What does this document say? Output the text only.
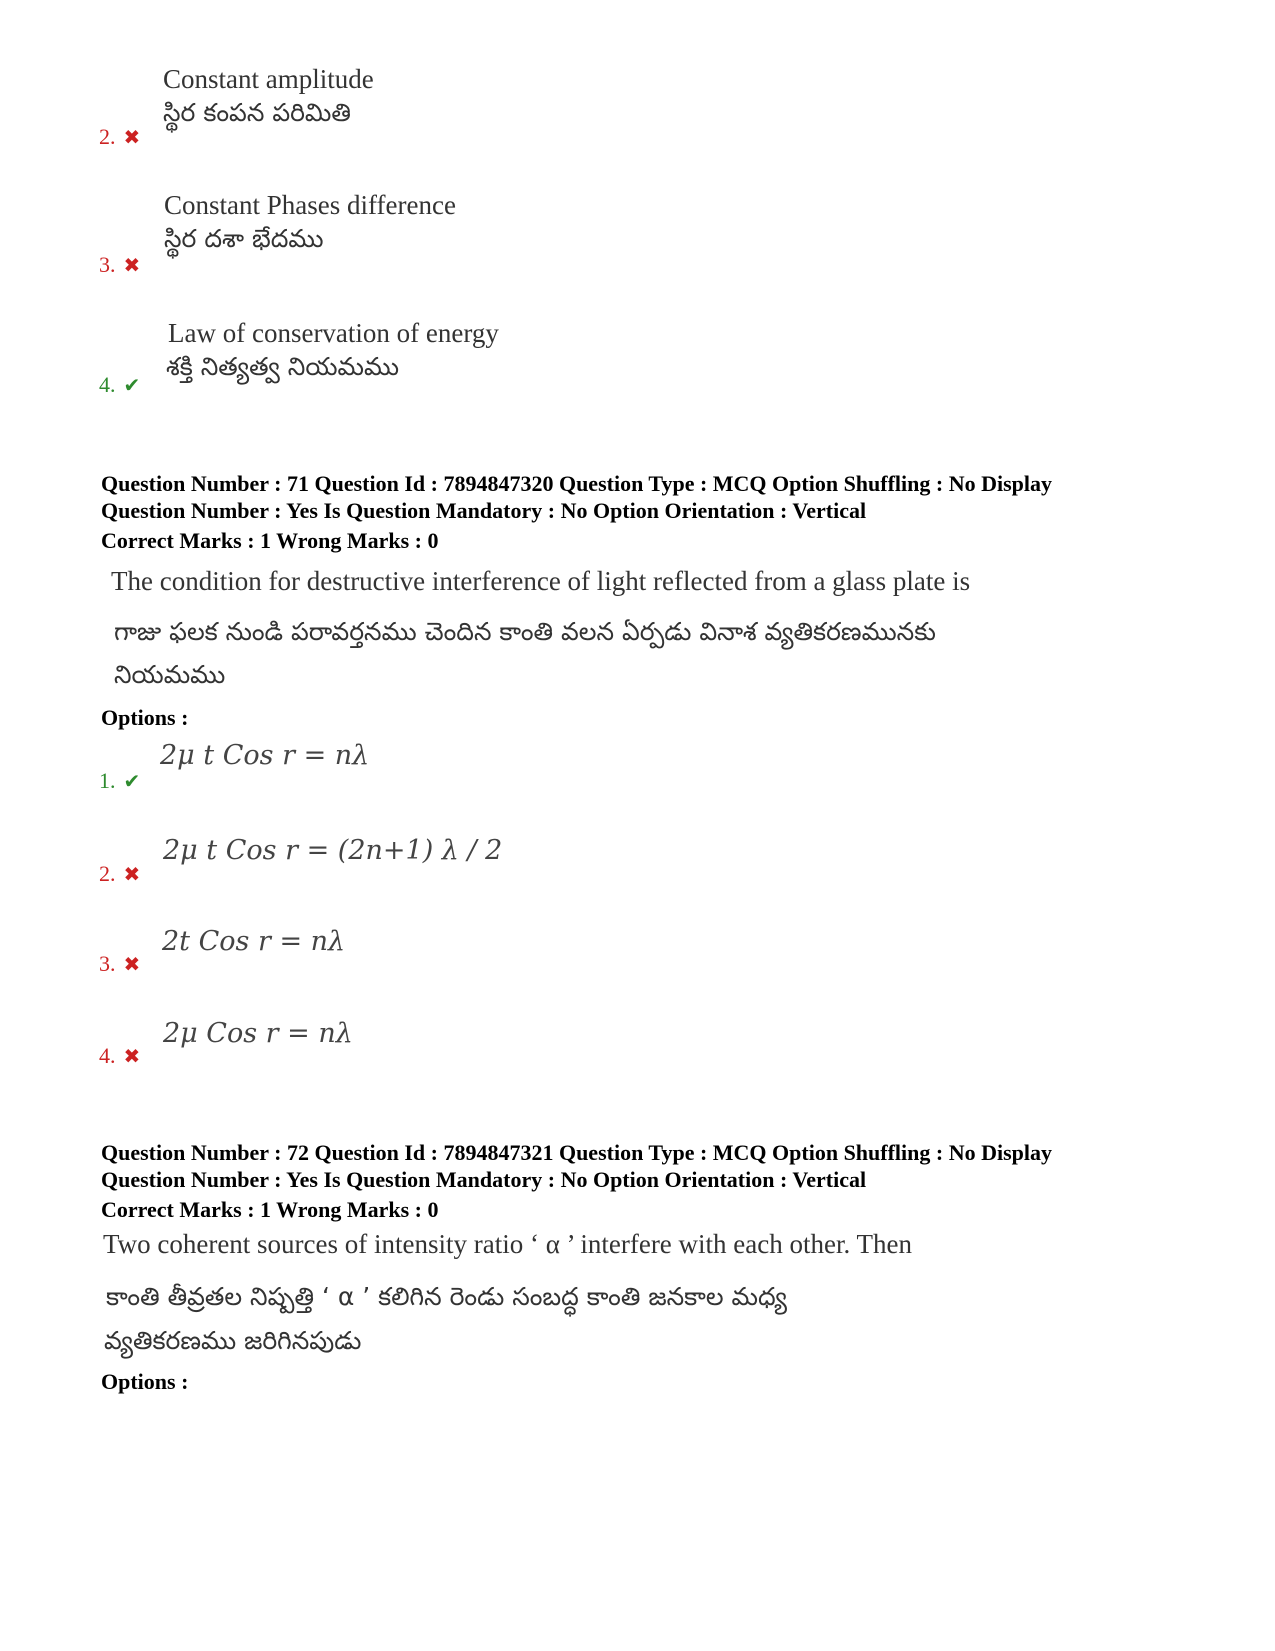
Constant amplitude
స్థిర కంపన పరిమితి
2. ✖
Constant Phases difference
స్థిర దశా భేదము
3. ✖
Law of conservation of energy
శక్తి నిత్యత్వ నియమము
4. ✔
Question Number : 71 Question Id : 7894847320 Question Type : MCQ Option Shuffling : No Display
Question Number : Yes Is Question Mandatory : No Option Orientation : Vertical
Correct Marks : 1 Wrong Marks : 0
The condition for destructive interference of light reflected from a glass plate is
గాజు ఫలక నుండి పరావర్తనము చెందిన కాంతి వలన ఏర్పడు వినాశ వ్యతికరణమునకు
నియమము
Options :
2μ t Cos r = nλ
1. ✔
2μ t Cos r = (2n+1) λ / 2
2. ✖
2t Cos r = nλ
3. ✖
2μ Cos r = nλ
4. ✖
Question Number : 72 Question Id : 7894847321 Question Type : MCQ Option Shuffling : No Display
Question Number : Yes Is Question Mandatory : No Option Orientation : Vertical
Correct Marks : 1 Wrong Marks : 0
Two coherent sources of intensity ratio ‘ α ’ interfere with each other. Then
కాంతి తీవ్రతల నిష్పత్తి ‘ α ’ కలిగిన రెండు సంబద్ధ కాంతి జనకాల మధ్య
వ్యతికరణము జరిగినపుడు
Options :
